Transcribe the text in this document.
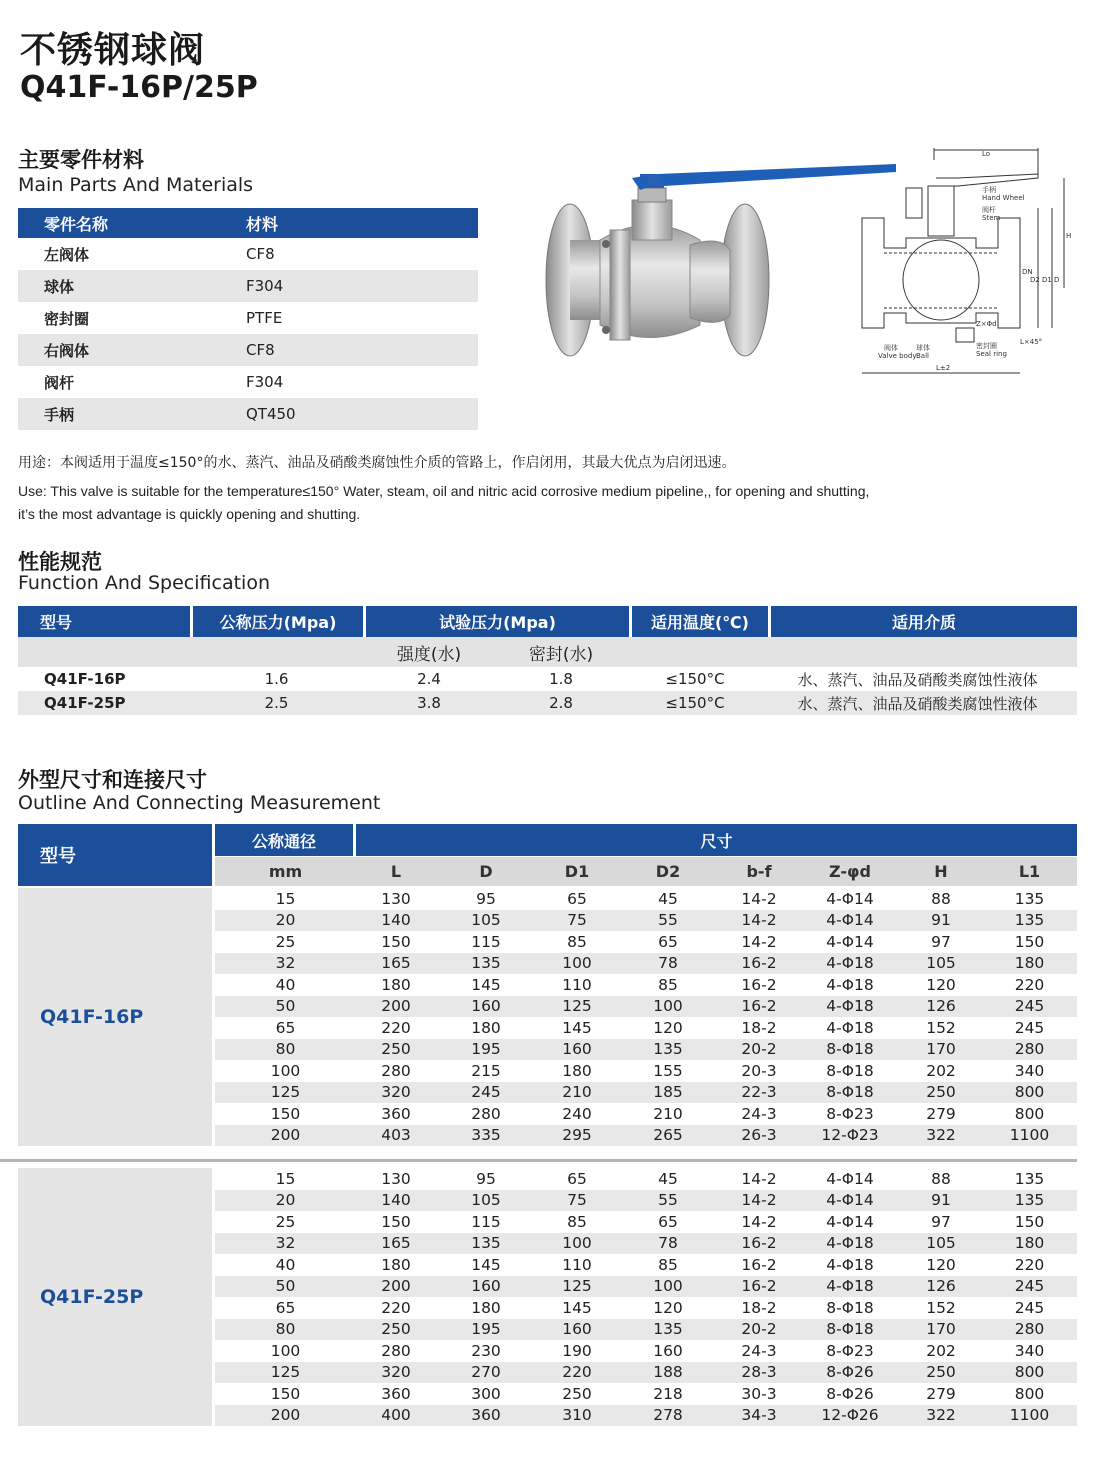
不锈钢球阀
Q41F-16P/25P
主要零件材料
Main Parts And Materials
零件名称	材料
左阀体	CF8
球体	F304
密封圈	PTFE
右阀体	CF8
阀杆	F304
手柄	QT450
手柄
Hand Wheel
阀杆
Stem
阀体
Valve body
球体
Ball
密封圈
Seal ring
Lo
H
DN
D2 D1 D
Z×Φd
L×45°
L±2
用途：本阀适用于温度≤150°的水、蒸汽、油品及硝酸类腐蚀性介质的管路上，作启闭用，其最大优点为启闭迅速。
Use: This valve is suitable for the temperature≤150° Water, steam, oil and nitric acid corrosive medium pipeline,, for opening and shutting,
it’s the most advantage is quickly opening and shutting.
性能规范
Function And Specification
型号	公称压力(Mpa)	试验压力(Mpa)	适用温度(℃)	适用介质
强度(水)	密封(水)
Q41F-16P	1.6	2.4	1.8	≤150°C	水、蒸汽、油品及硝酸类腐蚀性液体
Q41F-25P	2.5	3.8	2.8	≤150°C	水、蒸汽、油品及硝酸类腐蚀性液体
外型尺寸和连接尺寸
Outline And Connecting Measurement
型号
公称通径	尺寸
mm	L	D	D1	D2	b-f	Z-φd	H	L1
Q41F-16P
15	130	95	65	45	14-2	4-Φ14	88	135
20	140	105	75	55	14-2	4-Φ14	91	135
25	150	115	85	65	14-2	4-Φ14	97	150
32	165	135	100	78	16-2	4-Φ18	105	180
40	180	145	110	85	16-2	4-Φ18	120	220
50	200	160	125	100	16-2	4-Φ18	126	245
65	220	180	145	120	18-2	4-Φ18	152	245
80	250	195	160	135	20-2	8-Φ18	170	280
100	280	215	180	155	20-3	8-Φ18	202	340
125	320	245	210	185	22-3	8-Φ18	250	800
150	360	280	240	210	24-3	8-Φ23	279	800
200	403	335	295	265	26-3	12-Φ23	322	1100
Q41F-25P
15	130	95	65	45	14-2	4-Φ14	88	135
20	140	105	75	55	14-2	4-Φ14	91	135
25	150	115	85	65	14-2	4-Φ14	97	150
32	165	135	100	78	16-2	4-Φ18	105	180
40	180	145	110	85	16-2	4-Φ18	120	220
50	200	160	125	100	16-2	4-Φ18	126	245
65	220	180	145	120	18-2	8-Φ18	152	245
80	250	195	160	135	20-2	8-Φ18	170	280
100	280	230	190	160	24-3	8-Φ23	202	340
125	320	270	220	188	28-3	8-Φ26	250	800
150	360	300	250	218	30-3	8-Φ26	279	800
200	400	360	310	278	34-3	12-Φ26	322	1100
